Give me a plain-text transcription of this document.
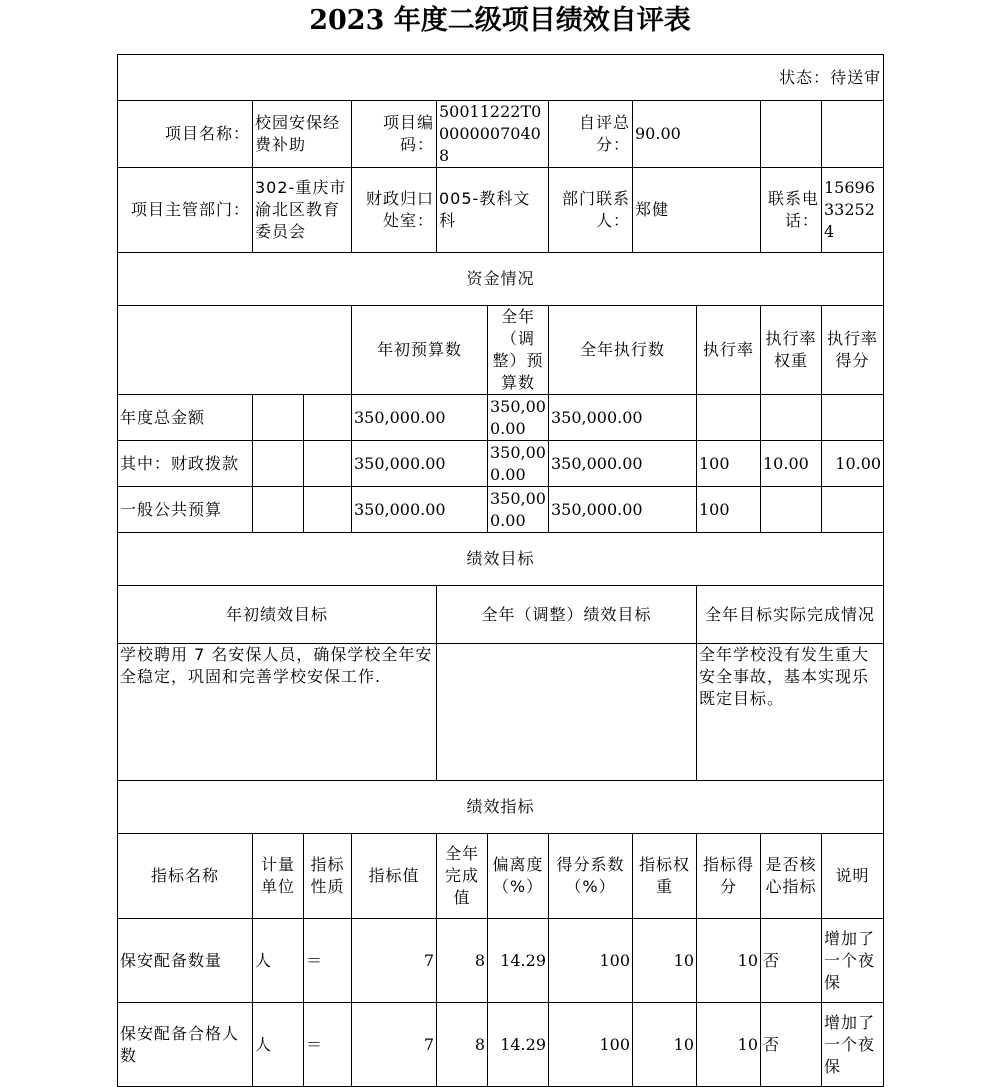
2023 年度二级项目绩效自评表
状态：待送审										
项目名称：	校园安保经费补助		项目编码：	50011222T000000070408		自评总分：	90.00			
项目主管部门：	302-重庆市渝北区教育委员会		财政归口处室：	005-教科文科		部门联系人：	郑健		联系电话：	15696332524
资金情况										
			年初预算数		全年（调整）预算数	全年执行数		执行率	执行率权重	执行率得分
年度总金额			350,000.00		350,000.00	350,000.00				
其中：财政拨款			350,000.00		350,000.00	350,000.00		100	10.00	10.00
一般公共预算			350,000.00		350,000.00	350,000.00		100		
绩效目标										
年初绩效目标				全年（调整）绩效目标				全年目标实际完成情况		
学校聘用 7 名安保人员，确保学校全年安全稳定，巩固和完善学校安保工作.								全年学校没有发生重大安全事故，基本实现乐既定目标。		
绩效指标										
指标名称	计量单位	指标性质	指标值	全年完成值	偏离度（%）	得分系数（%）	指标权重	指标得分	是否核心指标	说明
保安配备数量	人	＝	7	8	14.29	100	10	10	否	增加了一个夜保
保安配备合格人数	人	＝	7	8	14.29	100	10	10	否	增加了一个夜保
